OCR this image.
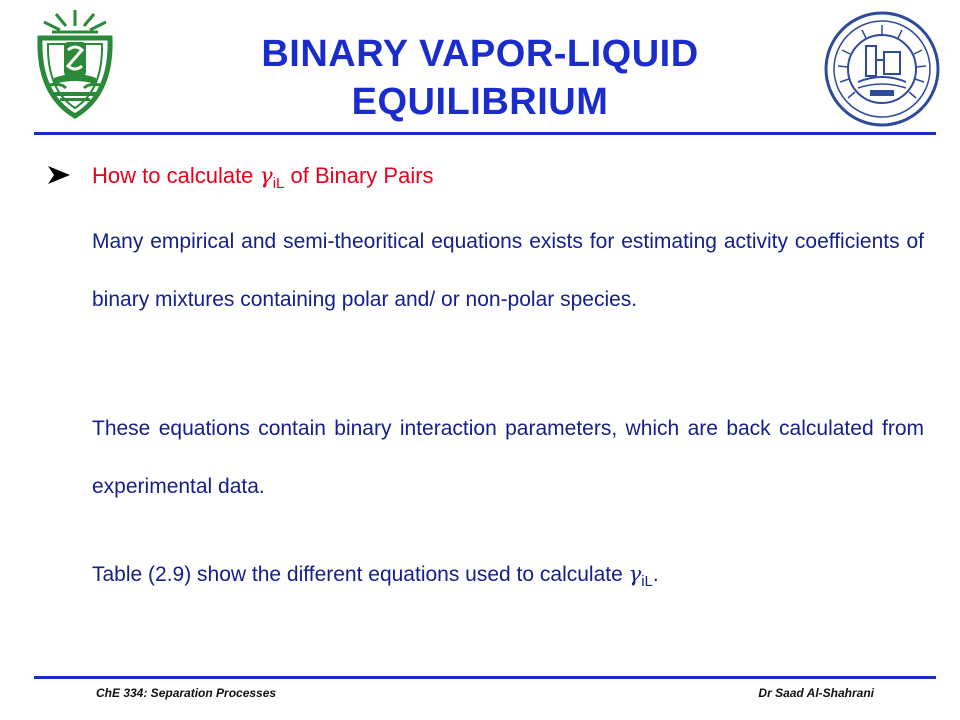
BINARY VAPOR-LIQUID
EQUILIBRIUM
How to calculate $\gamma_{iL}$ of Binary Pairs

Many empirical and semi-theoritical equations exists for estimating activity coefficients of binary mixtures containing polar and/ or non-polar species.

These equations contain binary interaction parameters, which are back calculated from experimental data.

Table (2.9) show the different equations used to calculate $\gamma_{iL}$.

ChE 334: Separation Processes	Dr Saad Al-Shahrani
